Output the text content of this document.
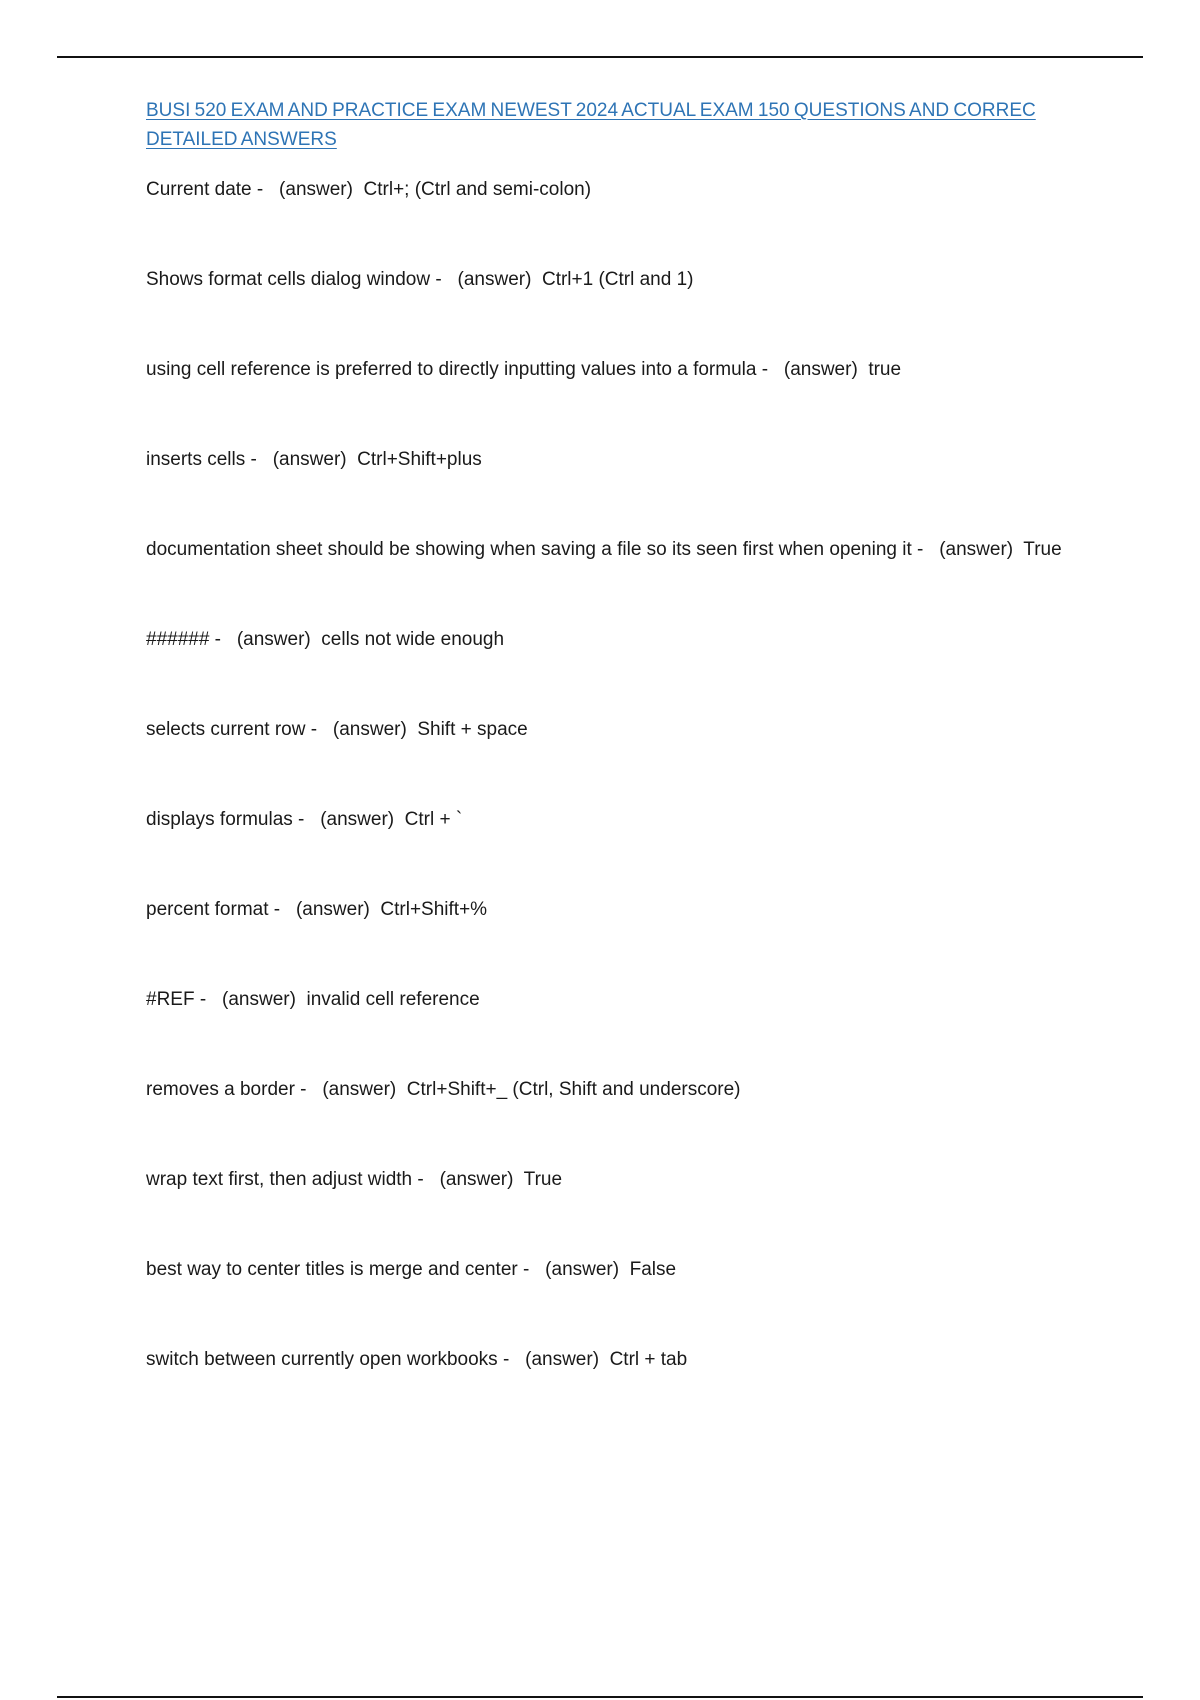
BUSI 520 EXAM AND PRACTICE EXAM NEWEST 2024 ACTUAL EXAM 150 QUESTIONS AND CORREC DETAILED ANSWERS
Current date -   (answer)  Ctrl+; (Ctrl and semi-colon)
Shows format cells dialog window -   (answer)  Ctrl+1 (Ctrl and 1)
using cell reference is preferred to directly inputting values into a formula -   (answer)  true
inserts cells -   (answer)  Ctrl+Shift+plus
documentation sheet should be showing when saving a file so its seen first when opening it -   (answer)  True
###### -   (answer)  cells not wide enough
selects current row -   (answer)  Shift + space
displays formulas -   (answer)  Ctrl + `
percent format -   (answer)  Ctrl+Shift+%
#REF -   (answer)  invalid cell reference
removes a border -   (answer)  Ctrl+Shift+_ (Ctrl, Shift and underscore)
wrap text first, then adjust width -   (answer)  True
best way to center titles is merge and center -   (answer)  False
switch between currently open workbooks -   (answer)  Ctrl + tab
